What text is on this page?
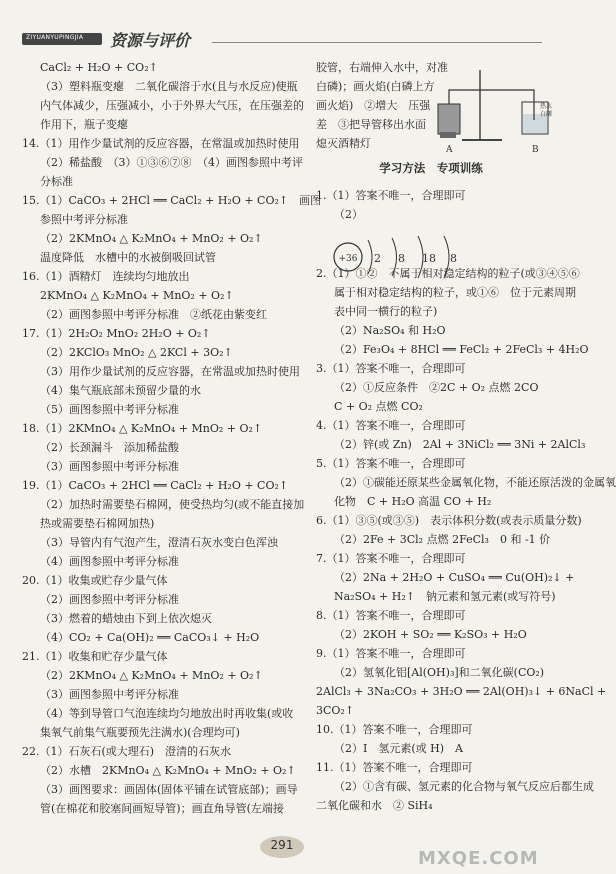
ZIYUANYUPINGJIA 资源与评价
CaCl₂ + H₂O + CO₂↑
（3）塑料瓶变瘪　二氧化碳溶于水(且与水反应)使瓶
内气体减少，压强减小，小于外界大气压，在压强差的
作用下，瓶子变瘪
14.（1）用作少量试剂的反应容器，在常温或加热时使用
（2）稀盐酸　（3）①③⑥⑦⑧　（4）画图参照中考评
分标准
15.（1）CaCO₃ + 2HCl ══ CaCl₂ + H₂O + CO₂↑　画图
参照中考评分标准
（2）2KMnO₄ △ K₂MnO₄ + MnO₂ + O₂↑
温度降低　水槽中的水被倒吸回试管
16.（1）酒精灯　连续均匀地放出
2KMnO₄ △ K₂MnO₄ + MnO₂ + O₂↑
（2）画图参照中考评分标准　②纸花由紫变红
17.（1）2H₂O₂ MnO₂ 2H₂O + O₂↑
（2）2KClO₃ MnO₂ △ 2KCl + 3O₂↑
（3）用作少量试剂的反应容器，在常温或加热时使用
（4）集气瓶底部未预留少量的水
（5）画图参照中考评分标准
18.（1）2KMnO₄ △ K₂MnO₄ + MnO₂ + O₂↑
（2）长颈漏斗　添加稀盐酸
（3）画图参照中考评分标准
19.（1）CaCO₃ + 2HCl ══ CaCl₂ + H₂O + CO₂↑
（2）加热时需要垫石棉网，使受热均匀(或不能直接加
热或需要垫石棉网加热)
（3）导管内有气泡产生，澄清石灰水变白色浑浊
（4）画图参照中考评分标准
20.（1）收集或贮存少量气体
（2）画图参照中考评分标准
（3）燃着的蜡烛由下到上依次熄灭
（4）CO₂ + Ca(OH)₂ ══ CaCO₃↓ + H₂O
21.（1）收集和贮存少量气体
（2）2KMnO₄ △ K₂MnO₄ + MnO₂ + O₂↑
（3）画图参照中考评分标准
（4）等到导管口气泡连续均匀地放出时再收集(或收
集氧气前集气瓶要预先注满水)(合理均可)
22.（1）石灰石(或大理石)　澄清的石灰水
（2）水槽　2KMnO₄ △ K₂MnO₄ + MnO₂ + O₂↑
（3）画图要求：画固体(固体平铺在试管底部)；画导
管(在棉花和胶塞间画短导管)；画直角导管(左端接
胶管，右端伸入水中，对准
白磷)；画火焰(白磷上方
画火焰)　②增大　压强
差　③把导管移出水面
熄灭酒精灯
学习方法　专项训练
1.（1）答案不唯一，合理即可
（2）
2.（1）①②　不属于相对稳定结构的粒子(或③④⑤⑥
属于相对稳定结构的粒子，或①⑥　位于元素周期
表中同一横行的粒子)
（2）Na₂SO₄ 和 H₂O
（2）Fe₃O₄ + 8HCl ══ FeCl₂ + 2FeCl₃ + 4H₂O
3.（1）答案不唯一，合理即可
（2）①反应条件　②2C + O₂ 点燃 2CO
C + O₂ 点燃 CO₂
4.（1）答案不唯一，合理即可
（2）锌(或 Zn)　2Al + 3NiCl₂ ══ 3Ni + 2AlCl₃
5.（1）答案不唯一，合理即可
（2）①碳能还原某些金属氧化物，不能还原活泼的金属氧
化物　C + H₂O 高温 CO + H₂
6.（1）③⑤(或③⑤)　表示体积分数(或表示质量分数)
（2）2Fe + 3Cl₂ 点燃 2FeCl₃　0 和 -1 价
7.（1）答案不唯一，合理即可
（2）2Na + 2H₂O + CuSO₄ ══ Cu(OH)₂↓ +
Na₂SO₄ + H₂↑　钠元素和氢元素(或写符号)
8.（1）答案不唯一，合理即可
（2）2KOH + SO₂ ══ K₂SO₃ + H₂O
9.（1）答案不唯一，合理即可
（2）氢氧化铝[Al(OH)₃]和二氧化碳(CO₂)
2AlCl₃ + 3Na₂CO₃ + 3H₂O ══ 2Al(OH)₃↓ + 6NaCl +
3CO₂↑
10.（1）答案不唯一，合理即可
（2）Ⅰ　氢元素(或 H)　A
11.（1）答案不唯一，合理即可
（2）①含有碳、氢元素的化合物与氧气反应后都生成
二氧化碳和水　② SiH₄
热水
白磷
A	B
+36 2 8 18 8
291
MXQE.COM
